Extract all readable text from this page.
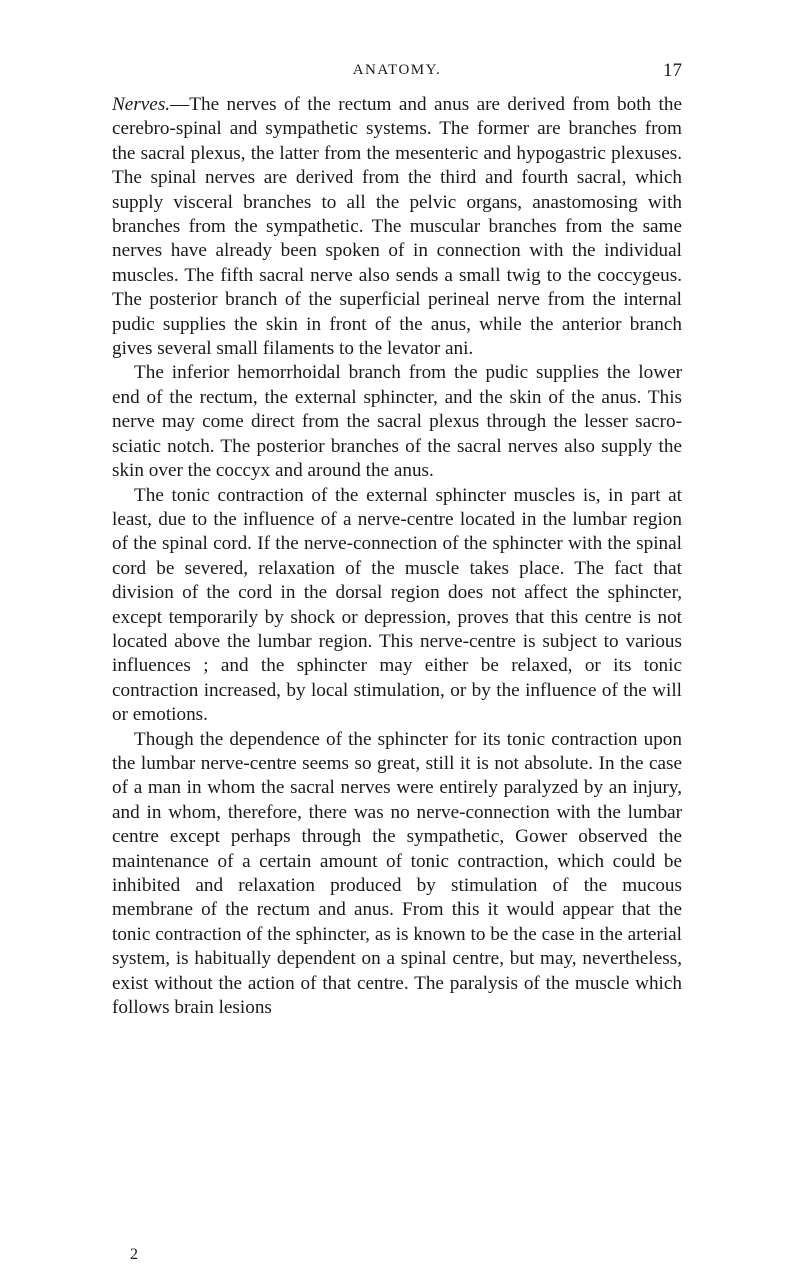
ANATOMY.	17

Nerves.—The nerves of the rectum and anus are derived from both the cerebro-spinal and sympathetic systems. The former are branches from the sacral plexus, the latter from the mesenteric and hypogastric plexuses. The spinal nerves are derived from the third and fourth sacral, which supply visceral branches to all the pelvic organs, anastomosing with branches from the sympathetic. The muscular branches from the same nerves have already been spoken of in connection with the individual muscles. The fifth sacral nerve also sends a small twig to the coccygeus. The posterior branch of the superficial perineal nerve from the internal pudic supplies the skin in front of the anus, while the anterior branch gives several small filaments to the levator ani.

The inferior hemorrhoidal branch from the pudic supplies the lower end of the rectum, the external sphincter, and the skin of the anus. This nerve may come direct from the sacral plexus through the lesser sacro-sciatic notch. The posterior branches of the sacral nerves also supply the skin over the coccyx and around the anus.

The tonic contraction of the external sphincter muscles is, in part at least, due to the influence of a nerve-centre located in the lumbar region of the spinal cord. If the nerve-connection of the sphincter with the spinal cord be severed, relaxation of the muscle takes place. The fact that division of the cord in the dorsal region does not affect the sphincter, except temporarily by shock or depression, proves that this centre is not located above the lumbar region. This nerve-centre is subject to various influences ; and the sphincter may either be relaxed, or its tonic contraction increased, by local stimulation, or by the influence of the will or emotions.

Though the dependence of the sphincter for its tonic contraction upon the lumbar nerve-centre seems so great, still it is not absolute. In the case of a man in whom the sacral nerves were entirely paralyzed by an injury, and in whom, therefore, there was no nerve-connection with the lumbar centre except perhaps through the sympathetic, Gower observed the maintenance of a certain amount of tonic contraction, which could be inhibited and relaxation produced by stimulation of the mucous membrane of the rectum and anus. From this it would appear that the tonic contraction of the sphincter, as is known to be the case in the arterial system, is habitually dependent on a spinal centre, but may, nevertheless, exist without the action of that centre. The paralysis of the muscle which follows brain lesions

2
